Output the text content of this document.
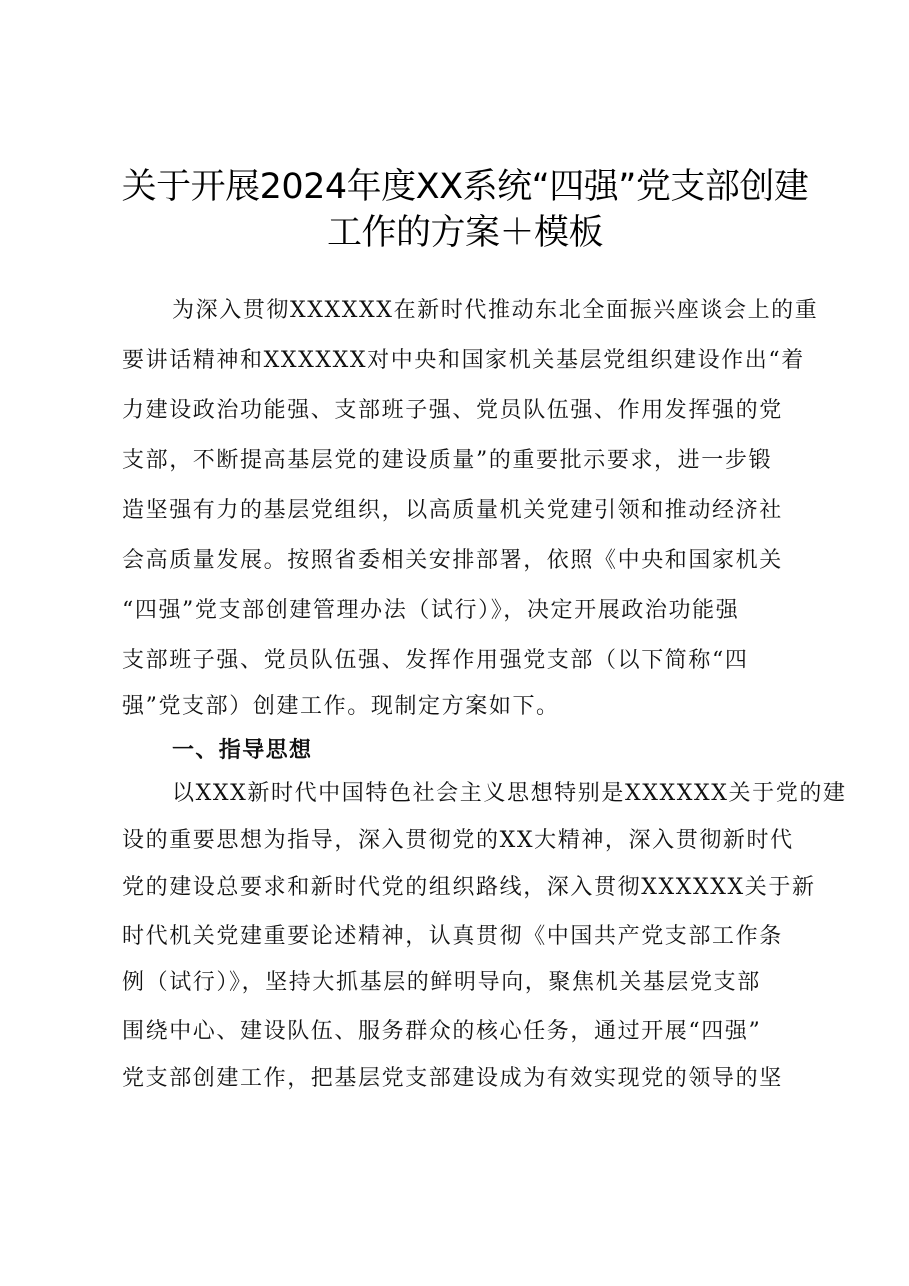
关于开展2024年度XX系统“四强”党支部创建
工作的方案＋模板
为深入贯彻XXXXXX在新时代推动东北全面振兴座谈会上的重
要讲话精神和XXXXXX对中央和国家机关基层党组织建设作出“着
力建设政治功能强、支部班子强、党员队伍强、作用发挥强的党
支部，不断提高基层党的建设质量”的重要批示要求，进一步锻
造坚强有力的基层党组织，以高质量机关党建引领和推动经济社
会高质量发展。按照省委相关安排部署，依照《中央和国家机关
“四强”党支部创建管理办法（试行）》，决定开展政治功能强
支部班子强、党员队伍强、发挥作用强党支部（以下简称“四
强”党支部）创建工作。现制定方案如下。
一、指导思想
以XXX新时代中国特色社会主义思想特别是XXXXXX关于党的建
设的重要思想为指导，深入贯彻党的XX大精神，深入贯彻新时代
党的建设总要求和新时代党的组织路线，深入贯彻XXXXXX关于新
时代机关党建重要论述精神，认真贯彻《中国共产党支部工作条
例（试行）》，坚持大抓基层的鲜明导向，聚焦机关基层党支部
围绕中心、建设队伍、服务群众的核心任务，通过开展“四强”
党支部创建工作，把基层党支部建设成为有效实现党的领导的坚
